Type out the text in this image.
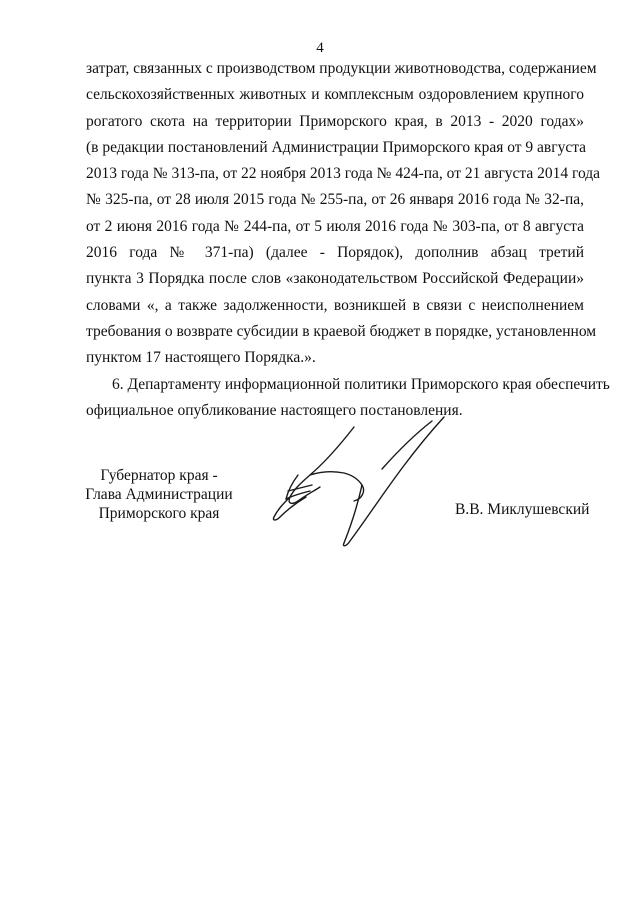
4
затрат, связанных с производством продукции животноводства, содержанием
сельскохозяйственных животных и комплексным оздоровлением крупного
рогатого скота на территории Приморского края, в 2013 - 2020 годах»
(в редакции постановлений Администрации Приморского края от 9 августа
2013 года № 313-па, от 22 ноября 2013 года № 424-па, от 21 августа 2014 года
№ 325-па, от 28 июля 2015 года № 255-па, от 26 января 2016 года № 32-па,
от 2 июня 2016 года № 244-па, от 5 июля 2016 года № 303-па, от 8 августа
2016 года № 371-па) (далее - Порядок), дополнив абзац третий
пункта 3 Порядка после слов «законодательством Российской Федерации»
словами «, а также задолженности, возникшей в связи с неисполнением
требования о возврате субсидии в краевой бюджет в порядке, установленном
пунктом 17 настоящего Порядка.».
6. Департаменту информационной политики Приморского края обеспечить
официальное опубликование настоящего постановления.
Губернатор края -
Глава Администрации
Приморского края	В.В. Миклушевский
